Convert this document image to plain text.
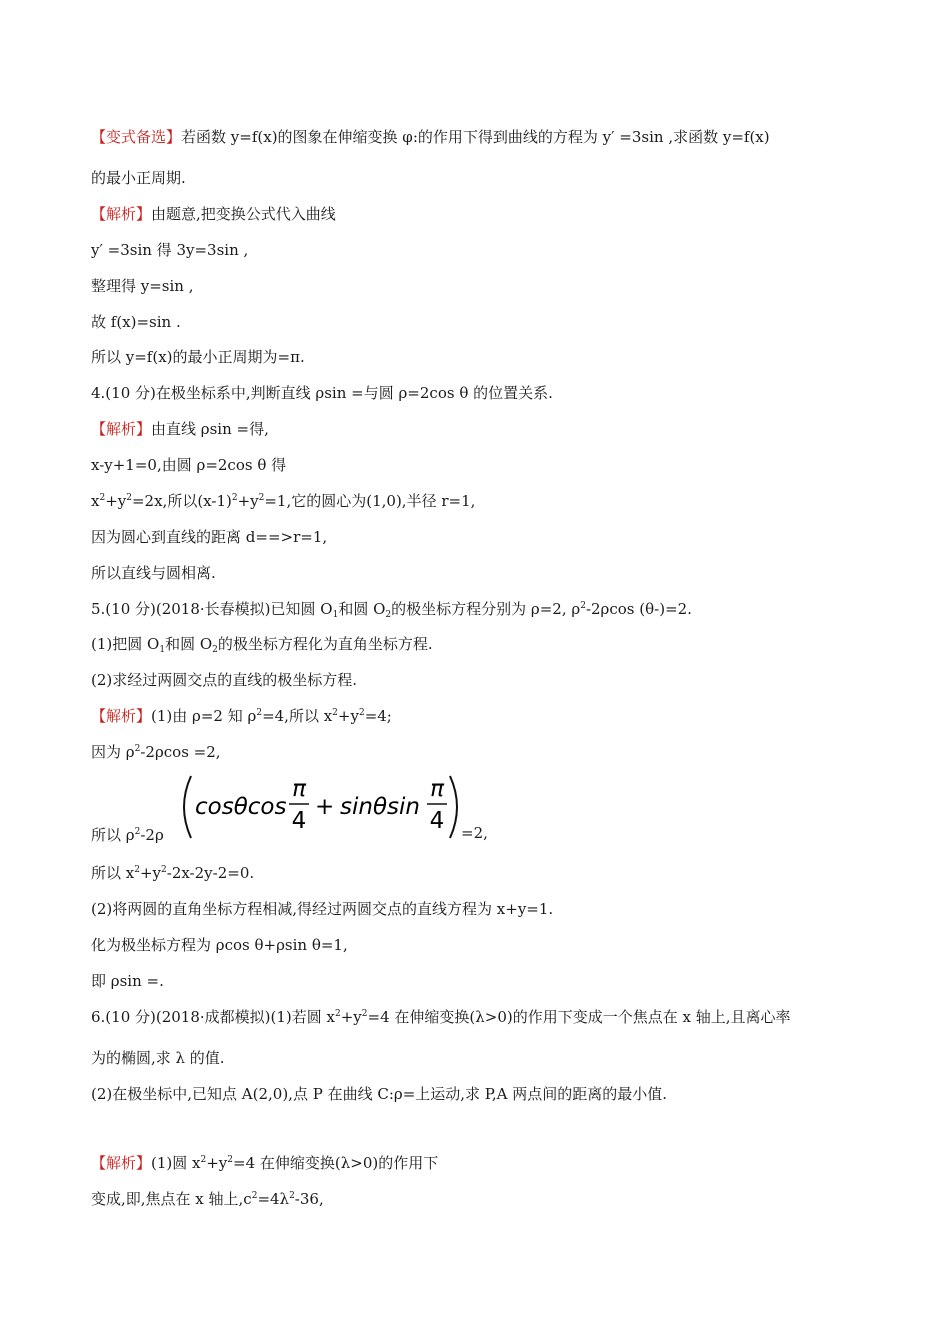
【变式备选】若函数 y=f(x)的图象在伸缩变换 φ:的作用下得到曲线的方程为 y′ =3sin ,求函数 y=f(x)
的最小正周期.
【解析】由题意,把变换公式代入曲线
y′ =3sin 得 3y=3sin ,
整理得 y=sin ,
故 f(x)=sin .
所以 y=f(x)的最小正周期为=π.
4.(10 分)在极坐标系中,判断直线 ρsin =与圆 ρ=2cos θ 的位置关系.
【解析】由直线 ρsin =得,
x-y+1=0,由圆 ρ=2cos θ 得
$x^2+y^2=2x$,所以$(x-1)^2+y^2=1$,它的圆心为(1,0),半径 r=1,
因为圆心到直线的距离 d==>r=1,
所以直线与圆相离.
5.(10 分)(2018·长春模拟)已知圆 $O_1$和圆 $O_2$的极坐标方程分别为 ρ=2, $\rho^2-2\rho\cos$ (θ-)=2.
(1)把圆 $O_1$和圆 $O_2$的极坐标方程化为直角坐标方程.
(2)求经过两圆交点的直线的极坐标方程.
【解析】(1)由 ρ=2 知 $\rho^2=4$,所以 $x^2+y^2=4$;
因为 $\rho^2-2\rho\cos =2$,
所以 $\rho^2-2\rho$
cosθcos
π
4
+ sinθsin
π
4 =2,
所以 $x^2+y^2-2x-2y-2=0$.
(2)将两圆的直角坐标方程相减,得经过两圆交点的直线方程为 x+y=1.
化为极坐标方程为 ρcos θ+ρsin θ=1,
即 ρsin =.
6.(10 分)(2018·成都模拟)(1)若圆 $x^2+y^2=4$ 在伸缩变换(λ>0)的作用下变成一个焦点在 x 轴上,且离心率
为的椭圆,求 λ 的值.
(2)在极坐标中,已知点 A(2,0),点 P 在曲线 C:ρ=上运动,求 P,A 两点间的距离的最小值.
【解析】(1)圆 $x^2+y^2=4$ 在伸缩变换(λ>0)的作用下
变成,即,焦点在 x 轴上$,c^2=4\lambda^2-36$,
